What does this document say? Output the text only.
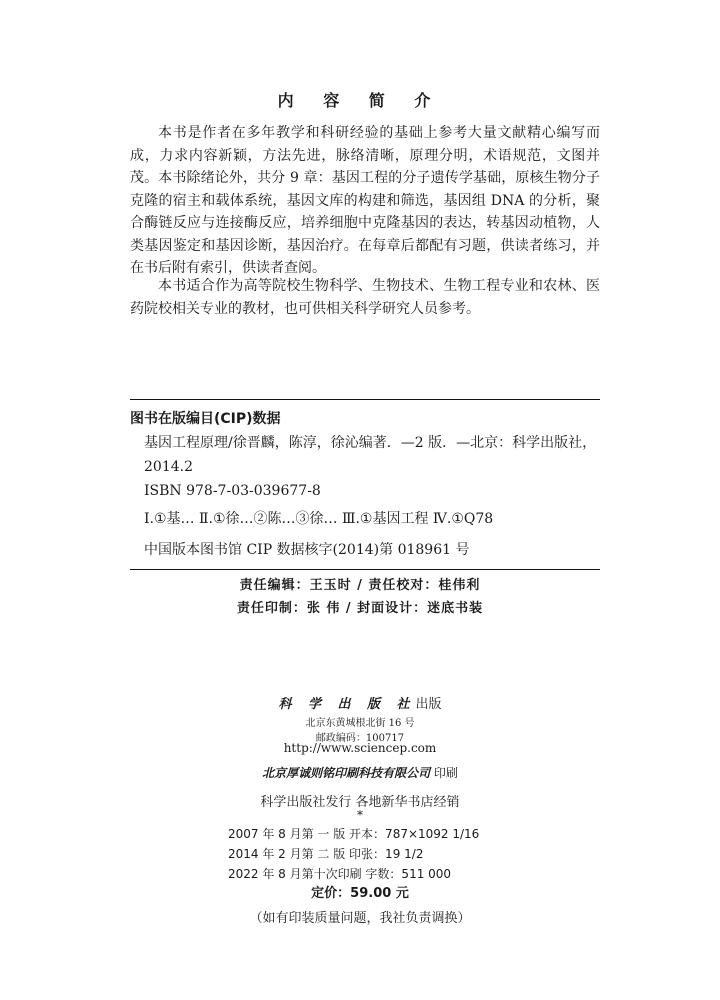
内 容 简 介
本书是作者在多年教学和科研经验的基础上参考大量文献精心编写而成，力求内容新颖，方法先进，脉络清晰，原理分明，术语规范，文图并茂。本书除绪论外，共分 9 章：基因工程的分子遗传学基础，原核生物分子克隆的宿主和载体系统，基因文库的构建和筛选，基因组 DNA 的分析，聚合酶链反应与连接酶反应，培养细胞中克隆基因的表达，转基因动植物，人类基因鉴定和基因诊断，基因治疗。在每章后都配有习题，供读者练习，并在书后附有索引，供读者查阅。
本书适合作为高等院校生物科学、生物技术、生物工程专业和农林、医药院校相关专业的教材，也可供相关科学研究人员参考。
图书在版编目(CIP)数据
基因工程原理/徐晋麟，陈淳，徐沁编著．—2 版．—北京：科学出版社，
2014.2
ISBN 978-7-03-039677-8
Ⅰ.①基… Ⅱ.①徐…②陈…③徐… Ⅲ.①基因工程 Ⅳ.①Q78
中国版本图书馆 CIP 数据核字(2014)第 018961 号
责任编辑：王玉时 / 责任校对：桂伟利
责任印制：张 伟 / 封面设计：迷底书装
科 学 出 版 社出版
北京东黄城根北街 16 号
邮政编码：100717
http://www.sciencep.com
北京厚诚则铭印刷科技有限公司 印刷
科学出版社发行 各地新华书店经销
*
2007 年 8 月第 一 版 开本：787×1092 1/16
2014 年 2 月第 二 版 印张：19 1/2
2022 年 8 月第十次印刷 字数：511 000
定价：59.00 元
（如有印装质量问题，我社负责调换）
